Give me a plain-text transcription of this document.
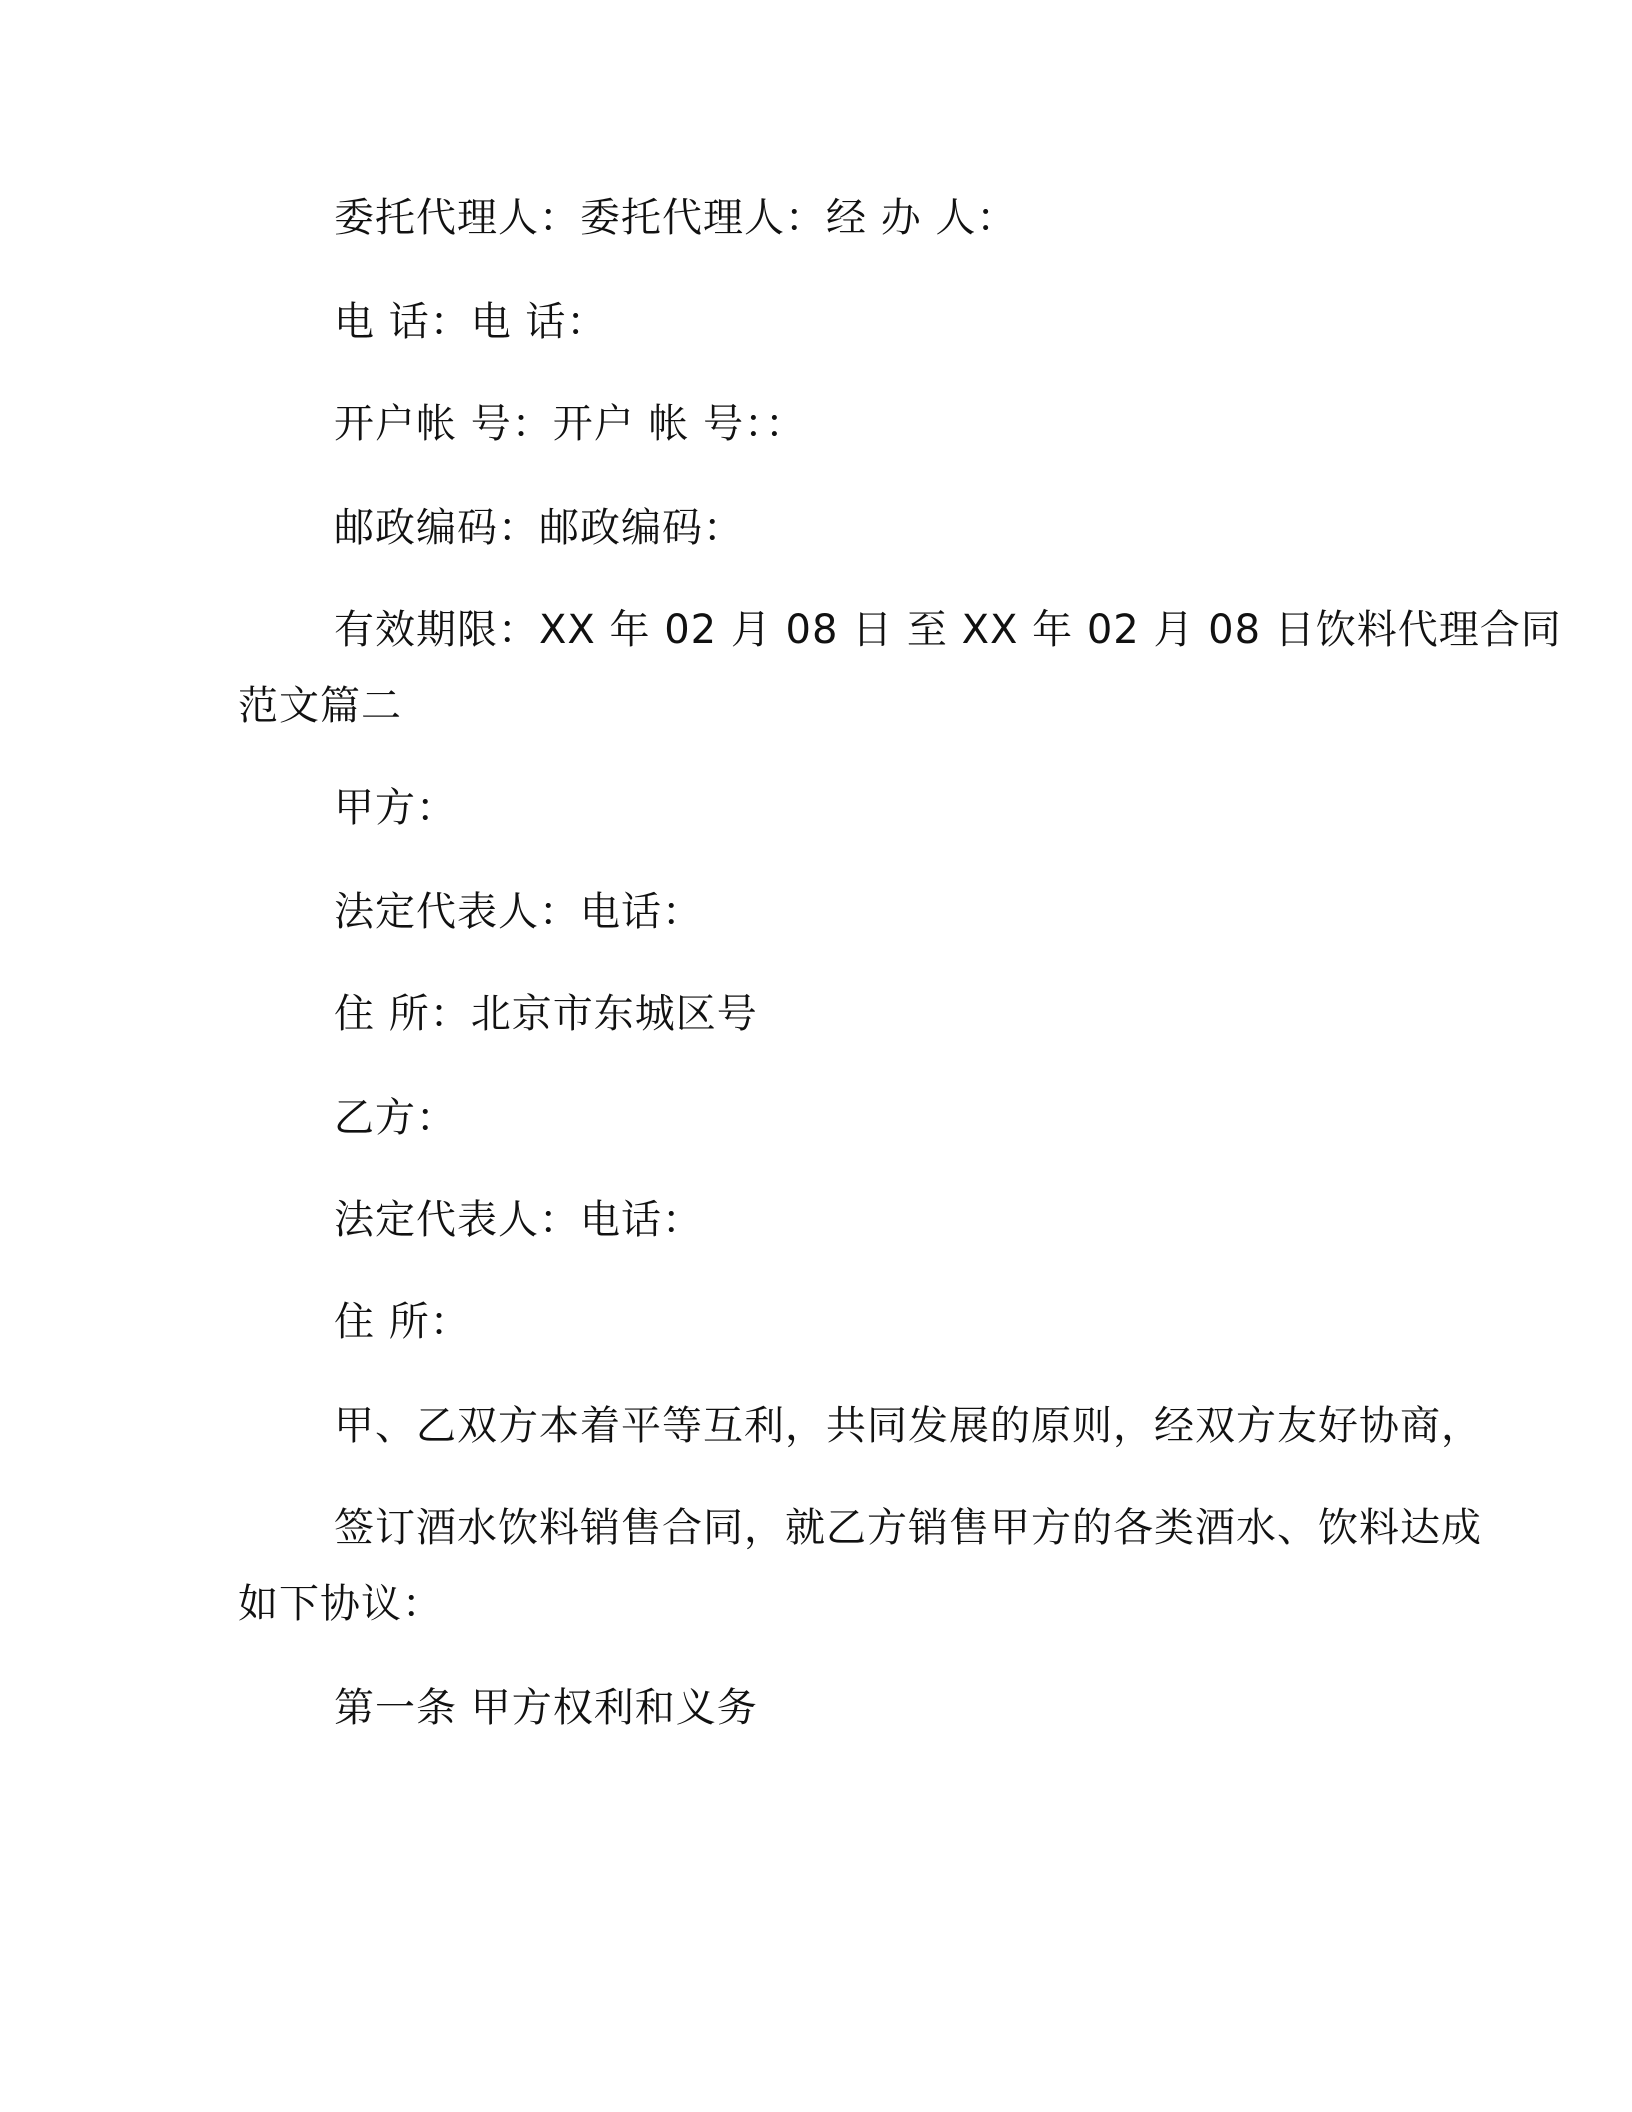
委托代理人：委托代理人：经 办 人：
电 话：电 话：
开户帐 号：开户 帐 号：：
邮政编码：邮政编码：
有效期限：XX 年 02 月 08 日 至 XX 年 02 月 08 日饮料代理合同
范文篇二
甲方：
法定代表人：电话：
住 所：北京市东城区号
乙方：
法定代表人：电话：
住 所：
甲、乙双方本着平等互利，共同发展的原则，经双方友好协商，
签订酒水饮料销售合同，就乙方销售甲方的各类酒水、饮料达成
如下协议：
第一条 甲方权利和义务
